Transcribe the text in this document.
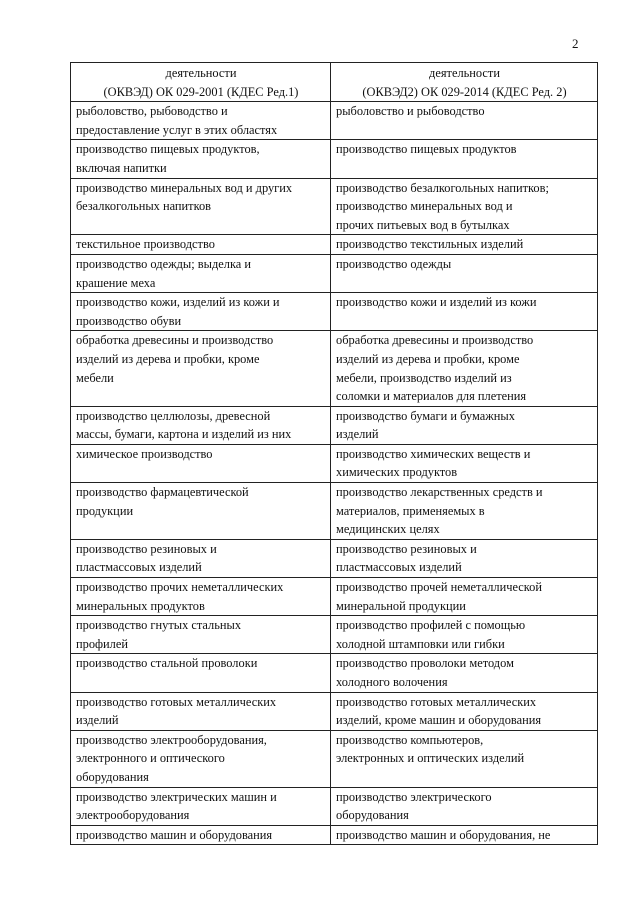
2
деятельности
(ОКВЭД) ОК 029-2001 (КДЕС Ред.1)	деятельности
(ОКВЭД2) ОК 029-2014 (КДЕС Ред. 2)

рыболовство, рыбоводство и
предоставление услуг в этих областях	рыболовство и рыбоводство

производство пищевых продуктов,
включая напитки	производство пищевых продуктов

производство минеральных вод и других
безалкогольных напитков	производство безалкогольных напитков;
производство минеральных вод и
прочих питьевых вод в бутылках

текстильное производство	производство текстильных изделий

производство одежды; выделка и
крашение меха	производство одежды

производство кожи, изделий из кожи и
производство обуви	производство кожи и изделий из кожи

обработка древесины и производство
изделий из дерева и пробки, кроме
мебели	обработка древесины и производство
изделий из дерева и пробки, кроме
мебели, производство изделий из
соломки и материалов для плетения

производство целлюлозы, древесной
массы, бумаги, картона и изделий из них	производство бумаги и бумажных
изделий

химическое производство	производство химических веществ и
химических продуктов

производство фармацевтической
продукции	производство лекарственных средств и
материалов, применяемых в
медицинских целях

производство резиновых и
пластмассовых изделий	производство резиновых и
пластмассовых изделий

производство прочих неметаллических
минеральных продуктов	производство прочей неметаллической
минеральной продукции

производство гнутых стальных
профилей	производство профилей с помощью
холодной штамповки или гибки

производство стальной проволоки	производство проволоки методом
холодного волочения

производство готовых металлических
изделий	производство готовых металлических
изделий, кроме машин и оборудования

производство электрооборудования,
электронного и оптического
оборудования	производство компьютеров,
электронных и оптических изделий

производство электрических машин и
электрооборудования	производство электрического
оборудования

производство машин и оборудования	производство машин и оборудования, не
